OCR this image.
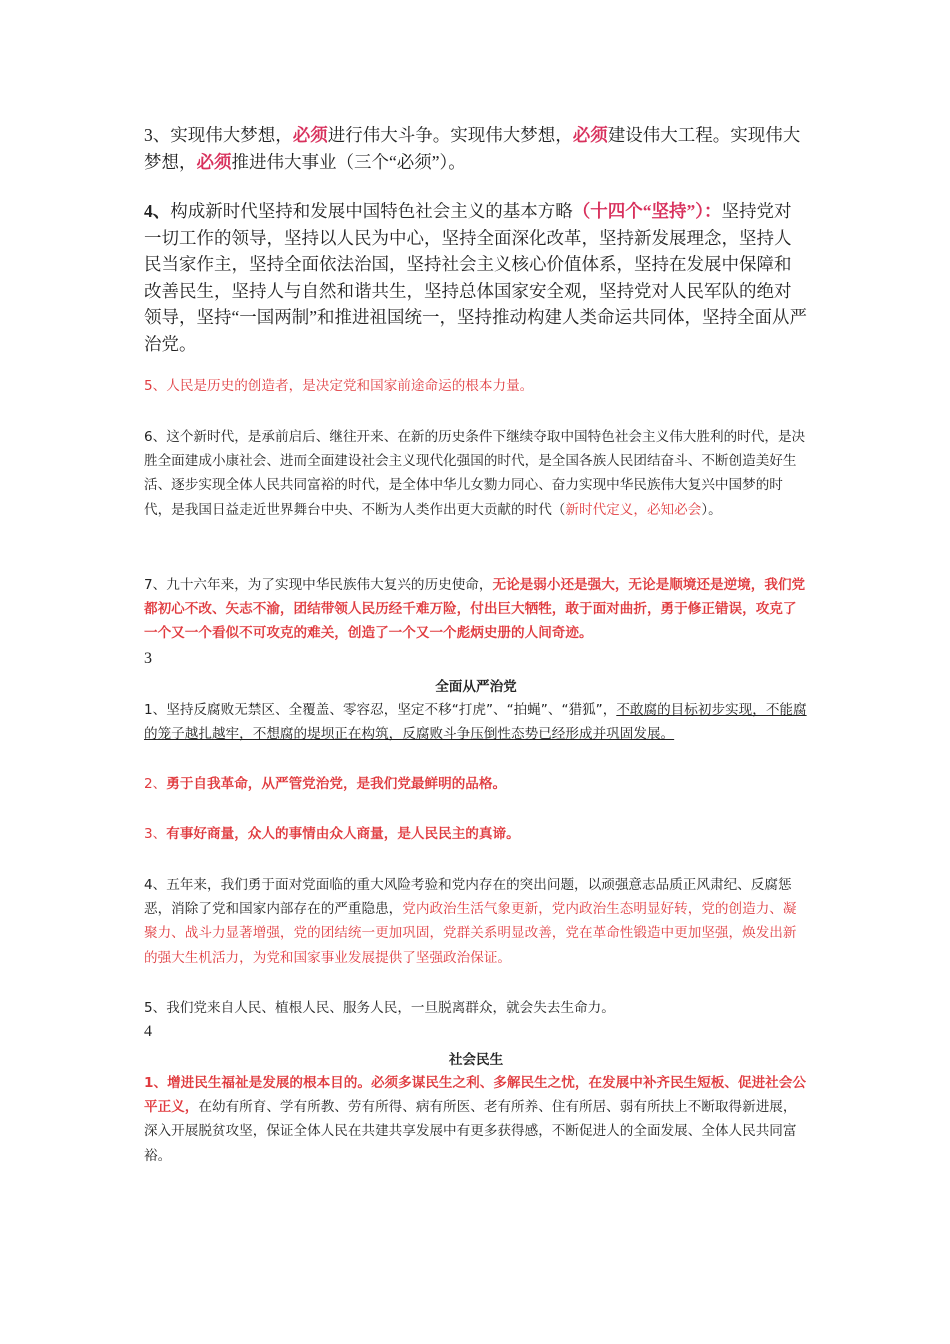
3、实现伟大梦想，必须进行伟大斗争。实现伟大梦想，必须建设伟大工程。实现伟大梦想，必须推进伟大事业（三个“必须”）。
4、构成新时代坚持和发展中国特色社会主义的基本方略（十四个“坚持”）：坚持党对一切工作的领导，坚持以人民为中心，坚持全面深化改革，坚持新发展理念，坚持人民当家作主，坚持全面依法治国，坚持社会主义核心价值体系，坚持在发展中保障和改善民生，坚持人与自然和谐共生，坚持总体国家安全观，坚持党对人民军队的绝对领导，坚持“一国两制”和推进祖国统一，坚持推动构建人类命运共同体，坚持全面从严治党。
5、人民是历史的创造者，是决定党和国家前途命运的根本力量。
6、这个新时代，是承前启后、继往开来、在新的历史条件下继续夺取中国特色社会主义伟大胜利的时代，是决胜全面建成小康社会、进而全面建设社会主义现代化强国的时代，是全国各族人民团结奋斗、不断创造美好生活、逐步实现全体人民共同富裕的时代，是全体中华儿女勠力同心、奋力实现中华民族伟大复兴中国梦的时代，是我国日益走近世界舞台中央、不断为人类作出更大贡献的时代（新时代定义，必知必会）。
7、九十六年来，为了实现中华民族伟大复兴的历史使命，无论是弱小还是强大，无论是顺境还是逆境，我们党都初心不改、矢志不渝，团结带领人民历经千难万险，付出巨大牺牲，敢于面对曲折，勇于修正错误，攻克了一个又一个看似不可攻克的难关，创造了一个又一个彪炳史册的人间奇迹。
3
全面从严治党
1、坚持反腐败无禁区、全覆盖、零容忍，坚定不移“打虎”、“拍蝇”、“猎狐”，不敢腐的目标初步实现，不能腐的笼子越扎越牢，不想腐的堤坝正在构筑，反腐败斗争压倒性态势已经形成并巩固发展。
2、勇于自我革命，从严管党治党，是我们党最鲜明的品格。
3、有事好商量，众人的事情由众人商量，是人民民主的真谛。
4、五年来，我们勇于面对党面临的重大风险考验和党内存在的突出问题，以顽强意志品质正风肃纪、反腐惩恶，消除了党和国家内部存在的严重隐患，党内政治生活气象更新，党内政治生态明显好转，党的创造力、凝聚力、战斗力显著增强，党的团结统一更加巩固，党群关系明显改善，党在革命性锻造中更加坚强，焕发出新的强大生机活力，为党和国家事业发展提供了坚强政治保证。
5、我们党来自人民、植根人民、服务人民，一旦脱离群众，就会失去生命力。
4
社会民生
1、增进民生福祉是发展的根本目的。必须多谋民生之利、多解民生之忧，在发展中补齐民生短板、促进社会公平正义，在幼有所育、学有所教、劳有所得、病有所医、老有所养、住有所居、弱有所扶上不断取得新进展，深入开展脱贫攻坚，保证全体人民在共建共享发展中有更多获得感，不断促进人的全面发展、全体人民共同富裕。
